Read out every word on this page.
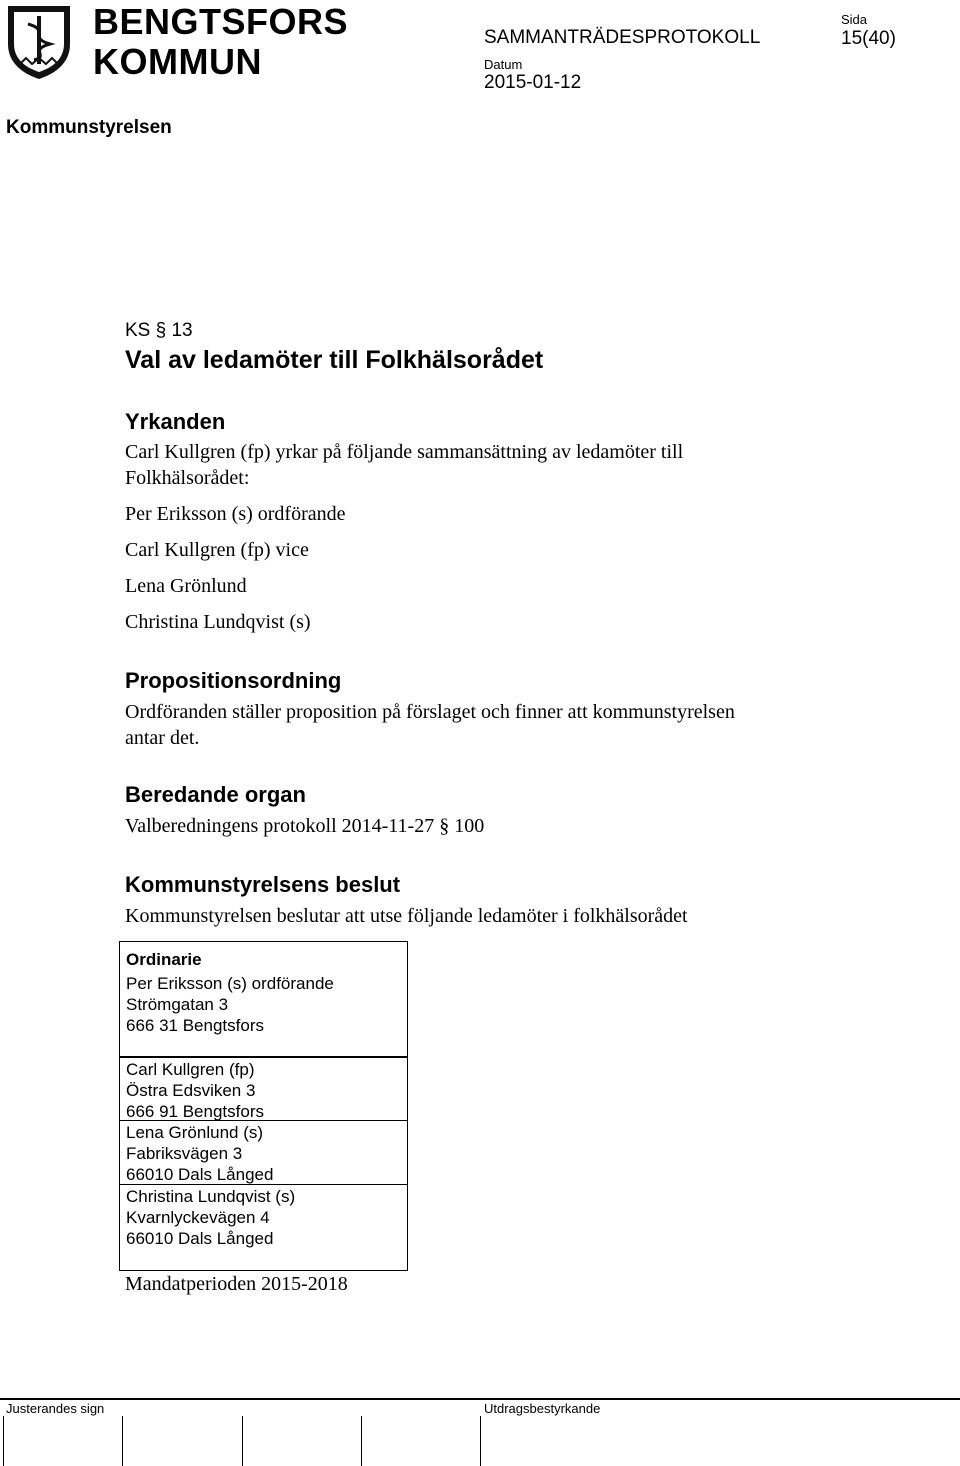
BENGTSFORS
KOMMUN
SAMMANTRÄDESPROTOKOLL
Sida
15(40)
Datum
2015-01-12
Kommunstyrelsen
KS § 13
Val av ledamöter till Folkhälsorådet
Yrkanden
Carl Kullgren (fp) yrkar på följande sammansättning av ledamöter till
Folkhälsorådet:
Per Eriksson (s) ordförande
Carl Kullgren (fp) vice
Lena Grönlund
Christina Lundqvist (s)
Propositionsordning
Ordföranden ställer proposition på förslaget och finner att kommunstyrelsen
antar det.
Beredande organ
Valberedningens protokoll 2014-11-27 § 100
Kommunstyrelsens beslut
Kommunstyrelsen beslutar att utse följande ledamöter i folkhälsorådet
Ordinarie
Per Eriksson (s) ordförande
Strömgatan 3
666 31 Bengtsfors
Carl Kullgren (fp)
Östra Edsviken 3
666 91 Bengtsfors
Lena Grönlund (s)
Fabriksvägen 3
66010 Dals Långed
Christina Lundqvist (s)
Kvarnlyckevägen 4
66010 Dals Långed
Mandatperioden 2015-2018
Justerandes sign	Utdragsbestyrkande
